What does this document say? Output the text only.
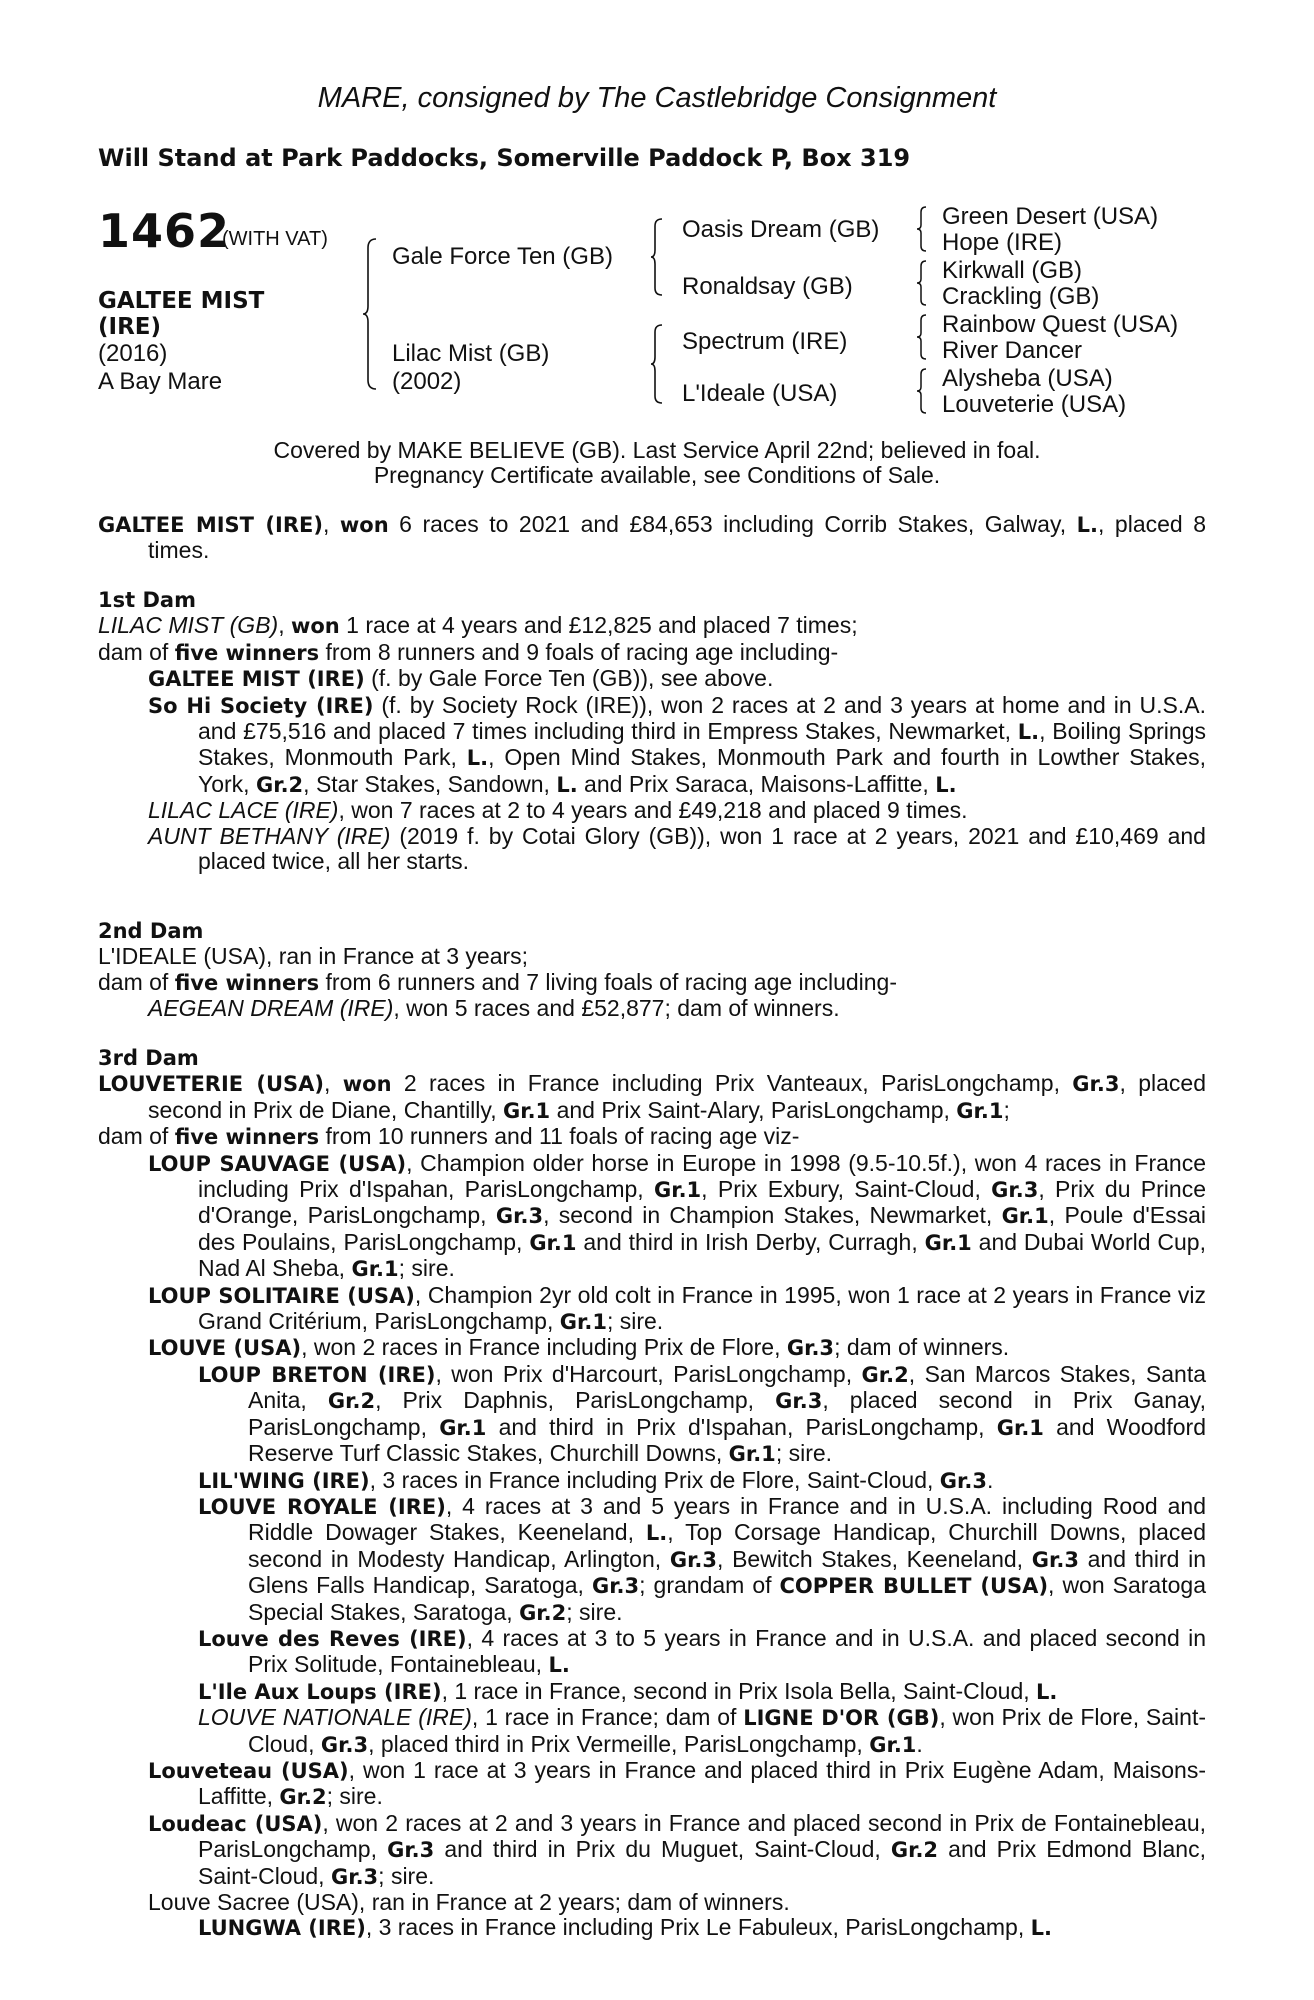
MARE, consigned by The Castlebridge Consignment
Will Stand at Park Paddocks, Somerville Paddock P, Box 319
1462
(WITH VAT)
GALTEE MIST
(IRE)
(2016)
A Bay Mare
Gale Force Ten (GB)
Lilac Mist (GB)
(2002)
Oasis Dream (GB)
Ronaldsay (GB)
Spectrum (IRE)
L'Ideale (USA)
Green Desert (USA)
Hope (IRE)
Kirkwall (GB)
Crackling (GB)
Rainbow Quest (USA)
River Dancer
Alysheba (USA)
Louveterie (USA)
Covered by MAKE BELIEVE (GB). Last Service April 22nd; believed in foal.
Pregnancy Certificate available, see Conditions of Sale.

GALTEE MIST (IRE), won 6 races to 2021 and £84,653 including Corrib Stakes, Galway, L., placed 8 times.

1st Dam

LILAC MIST (GB), won 1 race at 4 years and £12,825 and placed 7 times;

dam of five winners from 8 runners and 9 foals of racing age including-

GALTEE MIST (IRE) (f. by Gale Force Ten (GB)), see above.

So Hi Society (IRE) (f. by Society Rock (IRE)), won 2 races at 2 and 3 years at home and in U.S.A. and £75,516 and placed 7 times including third in Empress Stakes, Newmarket, L., Boiling Springs Stakes, Monmouth Park, L., Open Mind Stakes, Monmouth Park and fourth in Lowther Stakes, York, Gr.2, Star Stakes, Sandown, L. and Prix Saraca, Maisons-Laffitte, L.

LILAC LACE (IRE), won 7 races at 2 to 4 years and £49,218 and placed 9 times.

AUNT BETHANY (IRE) (2019 f. by Cotai Glory (GB)), won 1 race at 2 years, 2021 and £10,469 and placed twice, all her starts.

2nd Dam

L'IDEALE (USA), ran in France at 3 years;

dam of five winners from 6 runners and 7 living foals of racing age including-

AEGEAN DREAM (IRE), won 5 races and £52,877; dam of winners.

3rd Dam

LOUVETERIE (USA), won 2 races in France including Prix Vanteaux, ParisLongchamp, Gr.3, placed second in Prix de Diane, Chantilly, Gr.1 and Prix Saint-Alary, ParisLongchamp, Gr.1;

dam of five winners from 10 runners and 11 foals of racing age viz-

LOUP SAUVAGE (USA), Champion older horse in Europe in 1998 (9.5-10.5f.), won 4 races in France including Prix d'Ispahan, ParisLongchamp, Gr.1, Prix Exbury, Saint-Cloud, Gr.3, Prix du Prince d'Orange, ParisLongchamp, Gr.3, second in Champion Stakes, Newmarket, Gr.1, Poule d'Essai des Poulains, ParisLongchamp, Gr.1 and third in Irish Derby, Curragh, Gr.1 and Dubai World Cup, Nad Al Sheba, Gr.1; sire.

LOUP SOLITAIRE (USA), Champion 2yr old colt in France in 1995, won 1 race at 2 years in France viz Grand Critérium, ParisLongchamp, Gr.1; sire.

LOUVE (USA), won 2 races in France including Prix de Flore, Gr.3; dam of winners.

LOUP BRETON (IRE), won Prix d'Harcourt, ParisLongchamp, Gr.2, San Marcos Stakes, Santa Anita, Gr.2, Prix Daphnis, ParisLongchamp, Gr.3, placed second in Prix Ganay, ParisLongchamp, Gr.1 and third in Prix d'Ispahan, ParisLongchamp, Gr.1 and Woodford Reserve Turf Classic Stakes, Churchill Downs, Gr.1; sire.

LIL'WING (IRE), 3 races in France including Prix de Flore, Saint-Cloud, Gr.3.

LOUVE ROYALE (IRE), 4 races at 3 and 5 years in France and in U.S.A. including Rood and Riddle Dowager Stakes, Keeneland, L., Top Corsage Handicap, Churchill Downs, placed second in Modesty Handicap, Arlington, Gr.3, Bewitch Stakes, Keeneland, Gr.3 and third in Glens Falls Handicap, Saratoga, Gr.3; grandam of COPPER BULLET (USA), won Saratoga Special Stakes, Saratoga, Gr.2; sire.

Louve des Reves (IRE), 4 races at 3 to 5 years in France and in U.S.A. and placed second in Prix Solitude, Fontainebleau, L.

L'Ile Aux Loups (IRE), 1 race in France, second in Prix Isola Bella, Saint-Cloud, L.

LOUVE NATIONALE (IRE), 1 race in France; dam of LIGNE D'OR (GB), won Prix de Flore, Saint-Cloud, Gr.3, placed third in Prix Vermeille, ParisLongchamp, Gr.1.

Louveteau (USA), won 1 race at 3 years in France and placed third in Prix Eugène Adam, Maisons-Laffitte, Gr.2; sire.

Loudeac (USA), won 2 races at 2 and 3 years in France and placed second in Prix de Fontainebleau, ParisLongchamp, Gr.3 and third in Prix du Muguet, Saint-Cloud, Gr.2 and Prix Edmond Blanc, Saint-Cloud, Gr.3; sire.

Louve Sacree (USA), ran in France at 2 years; dam of winners.

LUNGWA (IRE), 3 races in France including Prix Le Fabuleux, ParisLongchamp, L.
